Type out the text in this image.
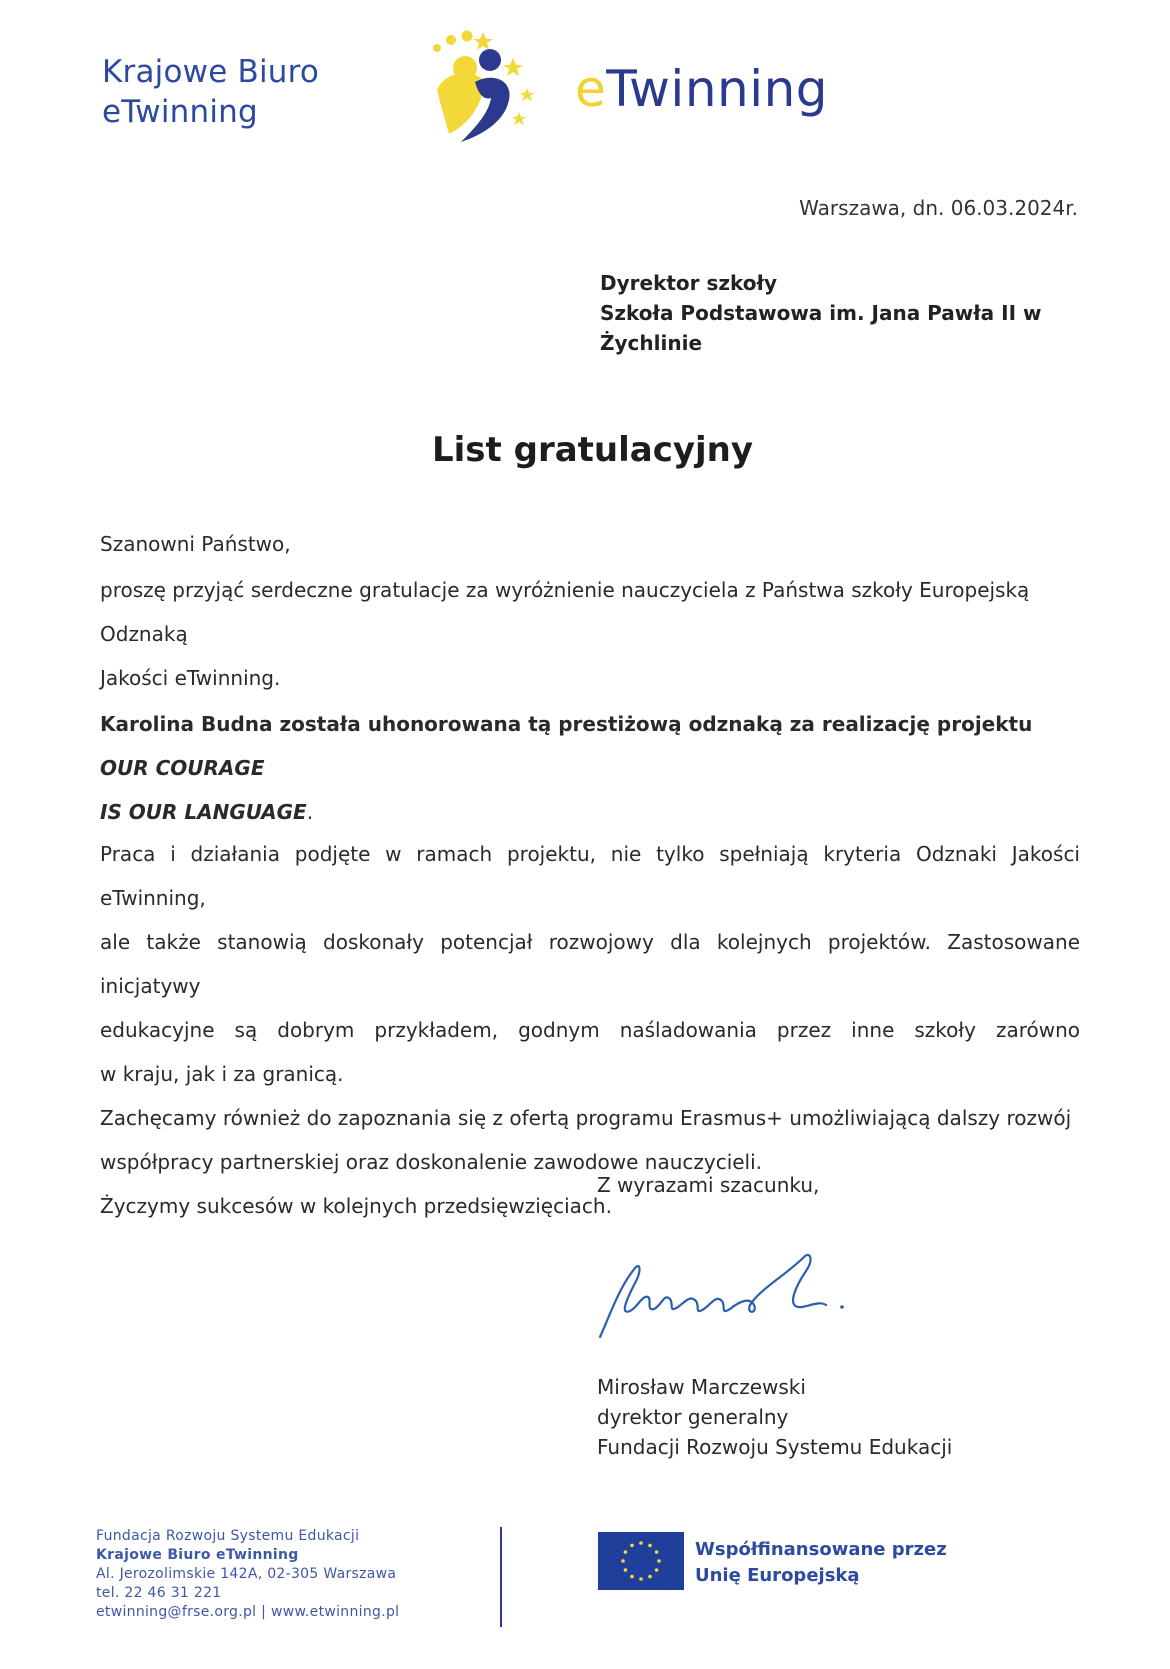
Krajowe Biuro
eTwinning	eTwinning
Warszawa, dn. 06.03.2024r.
Dyrektor szkoły
Szkoła Podstawowa im. Jana Pawła II w
Żychlinie
List gratulacyjny
Szanowni Państwo,
proszę przyjąć serdeczne gratulacje za wyróżnienie nauczyciela z Państwa szkoły Europejską Odznaką
Jakości eTwinning.
Karolina Budna została uhonorowana tą prestiżową odznaką za realizację projektu OUR COURAGE
IS OUR LANGUAGE.
Praca i działania podjęte w ramach projektu, nie tylko spełniają kryteria Odznaki Jakości eTwinning,
ale także stanowią doskonały potencjał rozwojowy dla kolejnych projektów. Zastosowane inicjatywy
edukacyjne są dobrym przykładem, godnym naśladowania przez inne szkoły zarówno
w kraju, jak i za granicą.
Zachęcamy również do zapoznania się z ofertą programu Erasmus+ umożliwiającą dalszy rozwój
współpracy partnerskiej oraz doskonalenie zawodowe nauczycieli.
Życzymy sukcesów w kolejnych przedsięwzięciach.
Z wyrazami szacunku,
Mirosław Marczewski
dyrektor generalny
Fundacji Rozwoju Systemu Edukacji
Fundacja Rozwoju Systemu Edukacji
Krajowe Biuro eTwinning
Al. Jerozolimskie 142A, 02-305 Warszawa
tel. 22 46 31 221
etwinning@frse.org.pl | www.etwinning.pl
Współfinansowane przez
Unię Europejską
